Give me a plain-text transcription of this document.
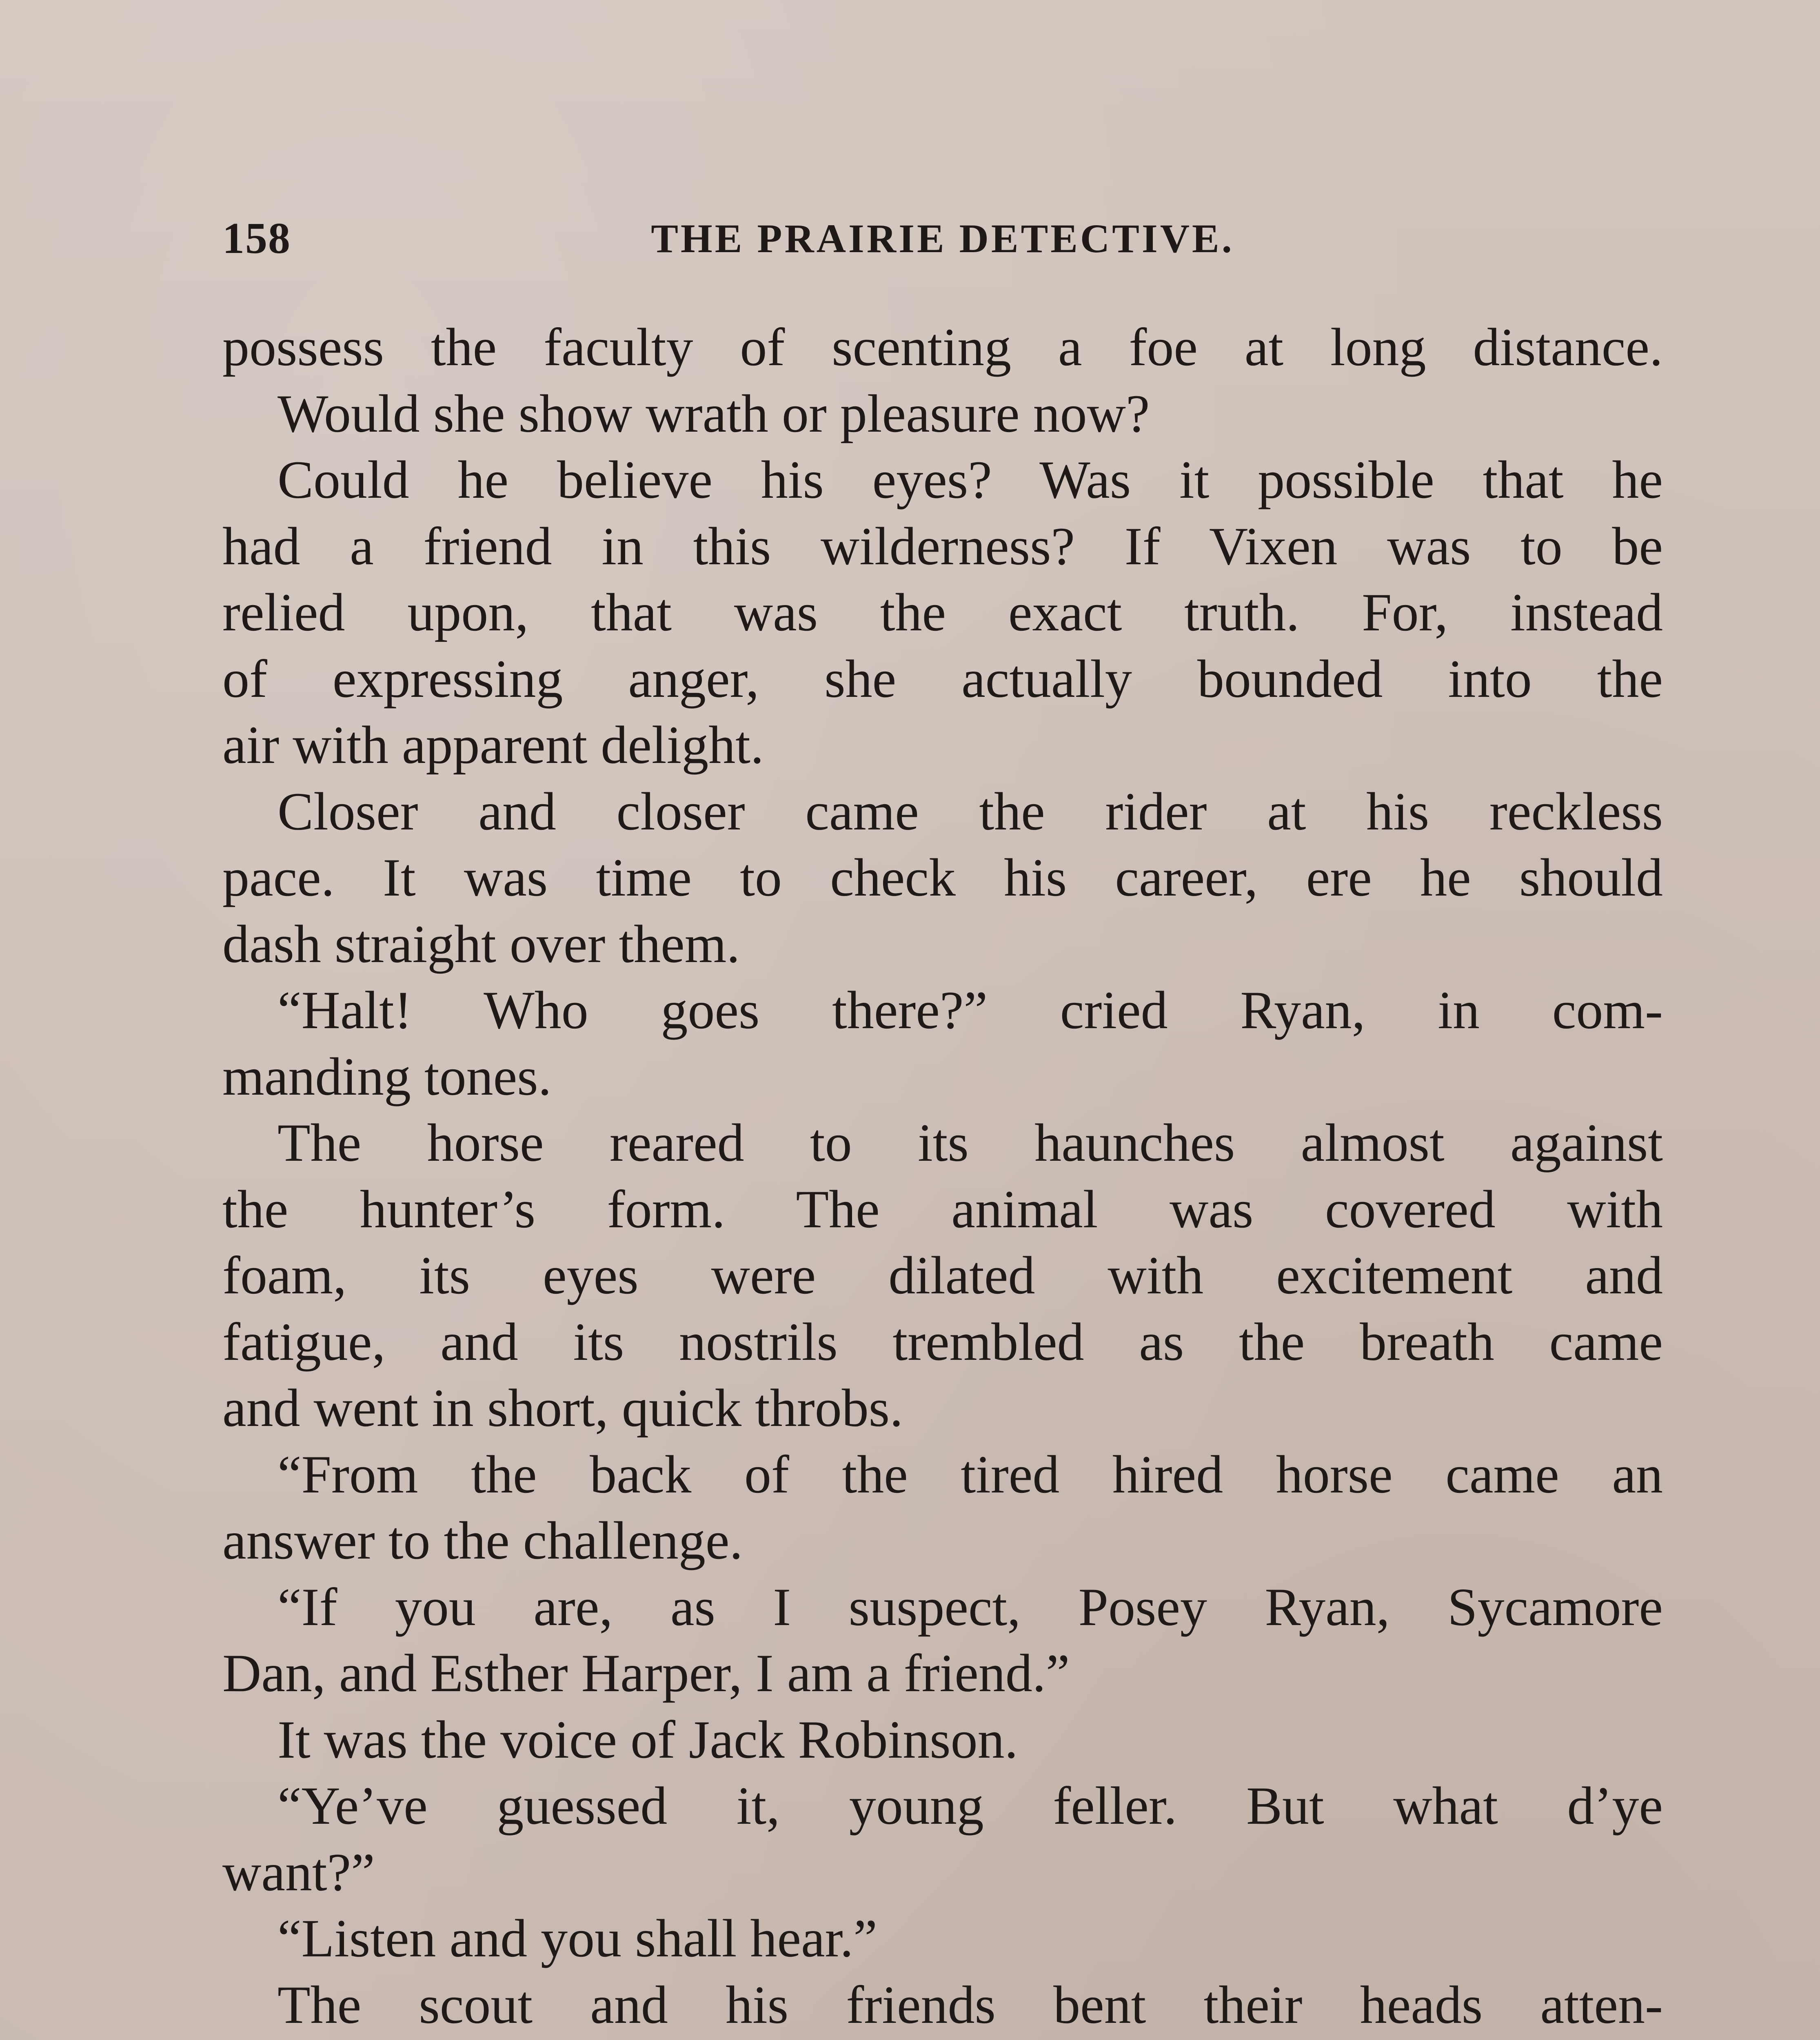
158	THE PRAIRIE DETECTIVE.
possess the faculty of scenting a foe at long distance.
Would she show wrath or pleasure now?
Could he believe his eyes? Was it possible that he
had a friend in this wilderness? If Vixen was to be
relied upon, that was the exact truth. For, instead
of expressing anger, she actually bounded into the
air with apparent delight.
Closer and closer came the rider at his reckless
pace. It was time to check his career, ere he should
dash straight over them.
“Halt! Who goes there?” cried Ryan, in com-
manding tones.
The horse reared to its haunches almost against
the hunter’s form. The animal was covered with
foam, its eyes were dilated with excitement and
fatigue, and its nostrils trembled as the breath came
and went in short, quick throbs.
“From the back of the tired hired horse came an
answer to the challenge.
“If you are, as I suspect, Posey Ryan, Sycamore
Dan, and Esther Harper, I am a friend.”
It was the voice of Jack Robinson.
“Ye’ve guessed it, young feller. But what d’ye
want?”
“Listen and you shall hear.”
The scout and his friends bent their heads atten-
